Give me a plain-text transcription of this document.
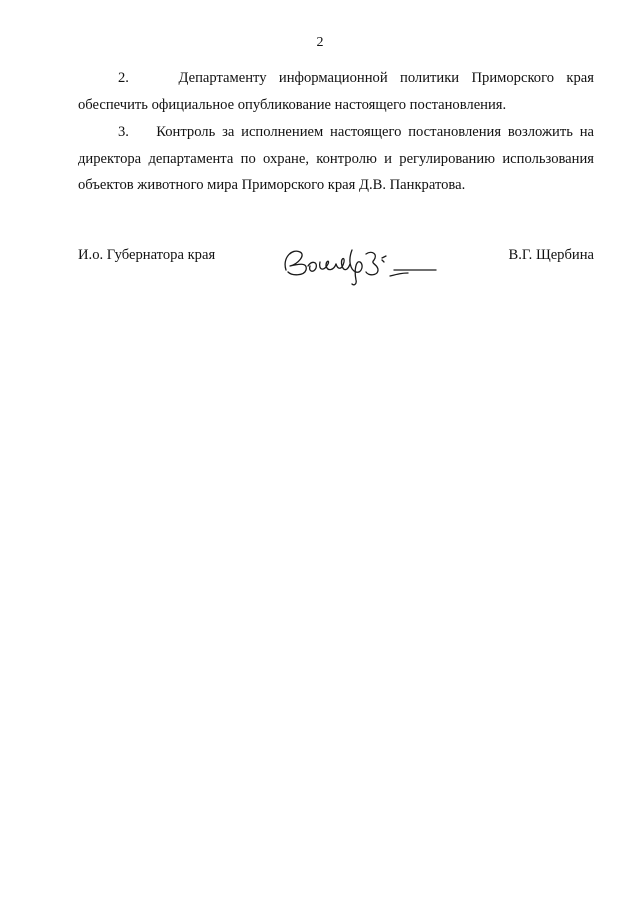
2

2.    Департаменту информационной политики Приморского края
обеспечить официальное опубликование настоящего постановления.

3.    Контроль за исполнением настоящего постановления возложить на
директора департамента по охране, контролю и регулированию использования объектов животного мира Приморского края Д.В. Панкратова.

И.о. Губернатора края	В.Г. Щербина
